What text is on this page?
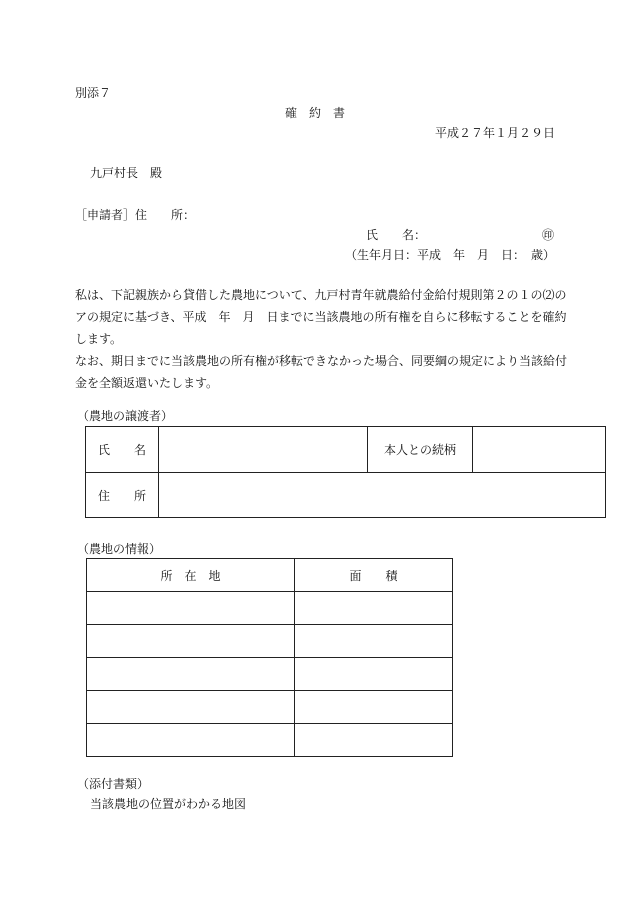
別添７
確　約　書
平成２７年１月２９日
九戸村長　殿
［申請者］住　　所：
氏　　名：	㊞
（生年月日：平成　年　月　日：　歳）
私は、下記親族から貸借した農地について、九戸村青年就農給付金給付規則第２の１の⑵のアの規定に基づき、平成　年　月　日までに当該農地の所有権を自らに移転することを確約します。
なお、期日までに当該農地の所有権が移転できなかった場合、同要綱の規定により当該給付金を全額返還いたします。
（農地の譲渡者）
氏　　名		本人との続柄	
住　　所			
（農地の情報）
所　在　地	面　　積

（添付書類）
当該農地の位置がわかる地図
